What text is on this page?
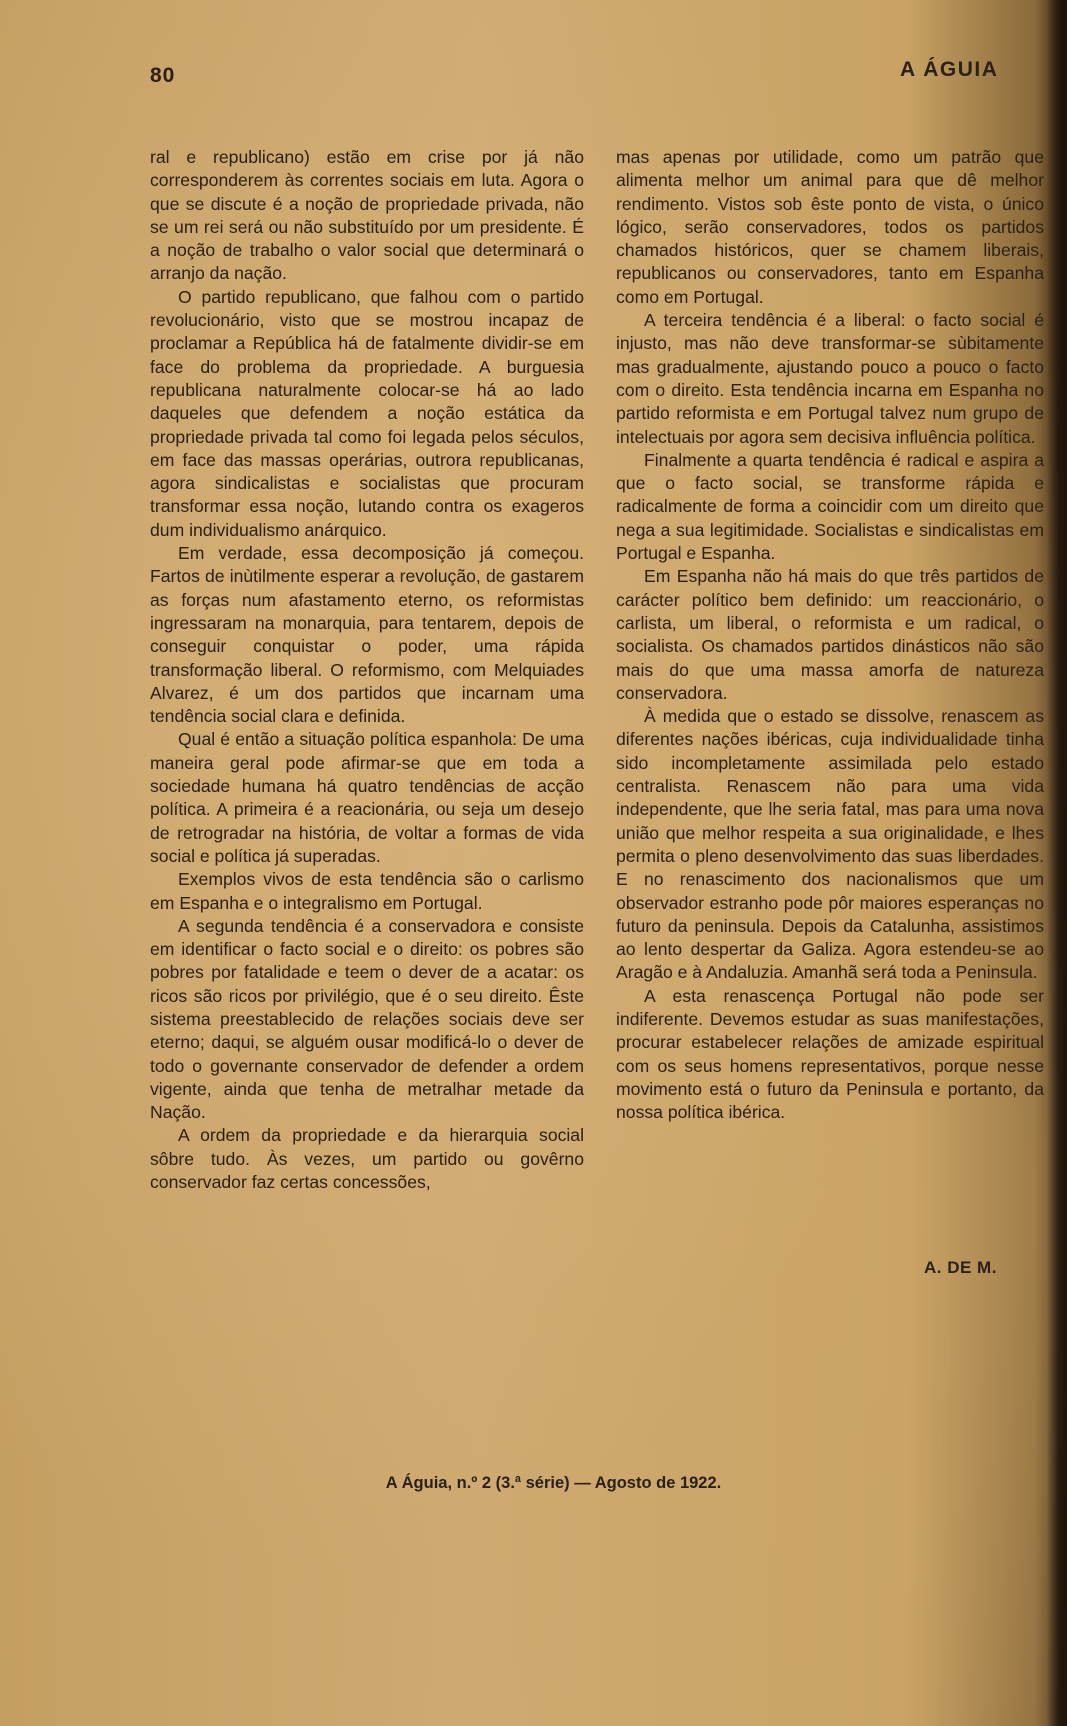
80	A ÁGUIA

ral e republicano) estão em crise por já não corresponderem às correntes sociais em luta. Agora o que se discute é a noção de propriedade privada, não se um rei será ou não substituído por um presidente. É a noção de trabalho o valor social que determinará o arranjo da nação.

O partido republicano, que falhou com o partido revolucionário, visto que se mostrou incapaz de proclamar a República há de fatalmente dividir-se em face do problema da propriedade. A burguesia republicana naturalmente colocar-se há ao lado daqueles que defendem a noção estática da propriedade privada tal como foi legada pelos séculos, em face das massas operárias, outrora republicanas, agora sindicalistas e socialistas que procuram transformar essa noção, lutando contra os exageros dum individualismo anárquico.

Em verdade, essa decomposição já começou. Fartos de inùtilmente esperar a revolução, de gastarem as forças num afastamento eterno, os reformistas ingressaram na monarquia, para tentarem, depois de conseguir conquistar o poder, uma rápida transformação liberal. O reformismo, com Melquiades Alvarez, é um dos partidos que incarnam uma tendência social clara e definida.

Qual é então a situação política espanhola: De uma maneira geral pode afirmar-se que em toda a sociedade humana há quatro tendências de acção política. A primeira é a reacionária, ou seja um desejo de retrogradar na história, de voltar a formas de vida social e política já superadas.

Exemplos vivos de esta tendência são o carlismo em Espanha e o integralismo em Portugal.

A segunda tendência é a conservadora e consiste em identificar o facto social e o direito: os pobres são pobres por fatalidade e teem o dever de a acatar: os ricos são ricos por privilégio, que é o seu direito. Êste sistema preestablecido de relações sociais deve ser eterno; daqui, se alguém ousar modificá-lo o dever de todo o governante conservador de defender a ordem vigente, ainda que tenha de metralhar metade da Nação.

A ordem da propriedade e da hierarquia social sôbre tudo. Às vezes, um partido ou govêrno conservador faz certas concessões,

mas apenas por utilidade, como um patrão que alimenta melhor um animal para que dê melhor rendimento. Vistos sob êste ponto de vista, o único lógico, serão conservadores, todos os partidos chamados históricos, quer se chamem liberais, republicanos ou conservadores, tanto em Espanha como em Portugal.

A terceira tendência é a liberal: o facto social é injusto, mas não deve transformar-se sùbitamente mas gradualmente, ajustando pouco a pouco o facto com o direito. Esta tendência incarna em Espanha no partido reformista e em Portugal talvez num grupo de intelectuais por agora sem decisiva influência política.

Finalmente a quarta tendência é radical e aspira a que o facto social, se transforme rápida e radicalmente de forma a coincidir com um direito que nega a sua legitimidade. Socialistas e sindicalistas em Portugal e Espanha.

Em Espanha não há mais do que três partidos de carácter político bem definido: um reaccionário, o carlista, um liberal, o reformista e um radical, o socialista. Os chamados partidos dinásticos não são mais do que uma massa amorfa de natureza conservadora.

À medida que o estado se dissolve, renascem as diferentes nações ibéricas, cuja individualidade tinha sido incompletamente assimilada pelo estado centralista. Renascem não para uma vida independente, que lhe seria fatal, mas para uma nova união que melhor respeita a sua originalidade, e lhes permita o pleno desenvolvimento das suas liberdades. E no renascimento dos nacionalismos que um observador estranho pode pôr maiores esperanças no futuro da peninsula. Depois da Catalunha, assistimos ao lento despertar da Galiza. Agora estendeu-se ao Aragão e à Andaluzia. Amanhã será toda a Peninsula.

A esta renascença Portugal não pode ser indiferente. Devemos estudar as suas manifestações, procurar estabelecer relações de amizade espiritual com os seus homens representativos, porque nesse movimento está o futuro da Peninsula e portanto, da nossa política ibérica.

A. DE M.
A Águia, n.º 2 (3.ª série) — Agosto de 1922.
